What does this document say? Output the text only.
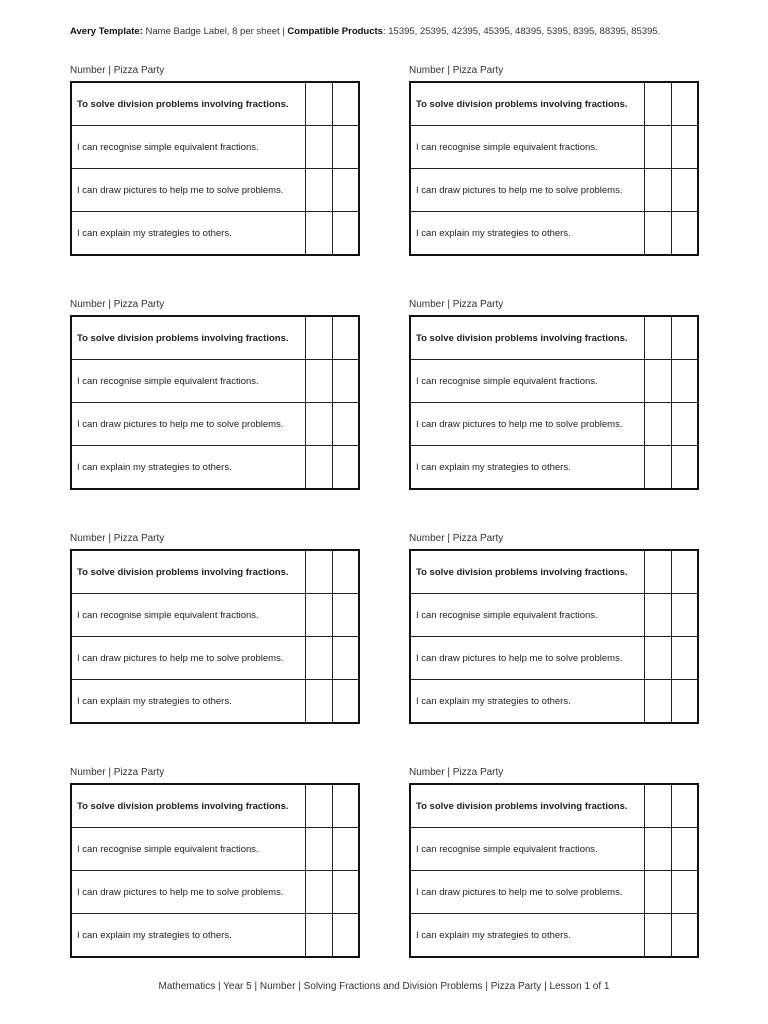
Avery Template: Name Badge Label, 8 per sheet | Compatible Products: 15395, 25395, 42395, 45395, 48395, 5395, 8395, 88395, 85395.
Number | Pizza Party
To solve division problems involving fractions.		
I can recognise simple equivalent fractions.		
I can draw pictures to help me to solve problems.		
I can explain my strategies to others.		
Number | Pizza Party
To solve division problems involving fractions.		
I can recognise simple equivalent fractions.		
I can draw pictures to help me to solve problems.		
I can explain my strategies to others.		
Number | Pizza Party
To solve division problems involving fractions.		
I can recognise simple equivalent fractions.		
I can draw pictures to help me to solve problems.		
I can explain my strategies to others.		
Number | Pizza Party
To solve division problems involving fractions.		
I can recognise simple equivalent fractions.		
I can draw pictures to help me to solve problems.		
I can explain my strategies to others.		
Number | Pizza Party
To solve division problems involving fractions.		
I can recognise simple equivalent fractions.		
I can draw pictures to help me to solve problems.		
I can explain my strategies to others.		
Number | Pizza Party
To solve division problems involving fractions.		
I can recognise simple equivalent fractions.		
I can draw pictures to help me to solve problems.		
I can explain my strategies to others.		
Number | Pizza Party
To solve division problems involving fractions.		
I can recognise simple equivalent fractions.		
I can draw pictures to help me to solve problems.		
I can explain my strategies to others.		
Number | Pizza Party
To solve division problems involving fractions.		
I can recognise simple equivalent fractions.		
I can draw pictures to help me to solve problems.		
I can explain my strategies to others.		
Mathematics | Year 5 | Number | Solving Fractions and Division Problems | Pizza Party | Lesson 1 of 1
